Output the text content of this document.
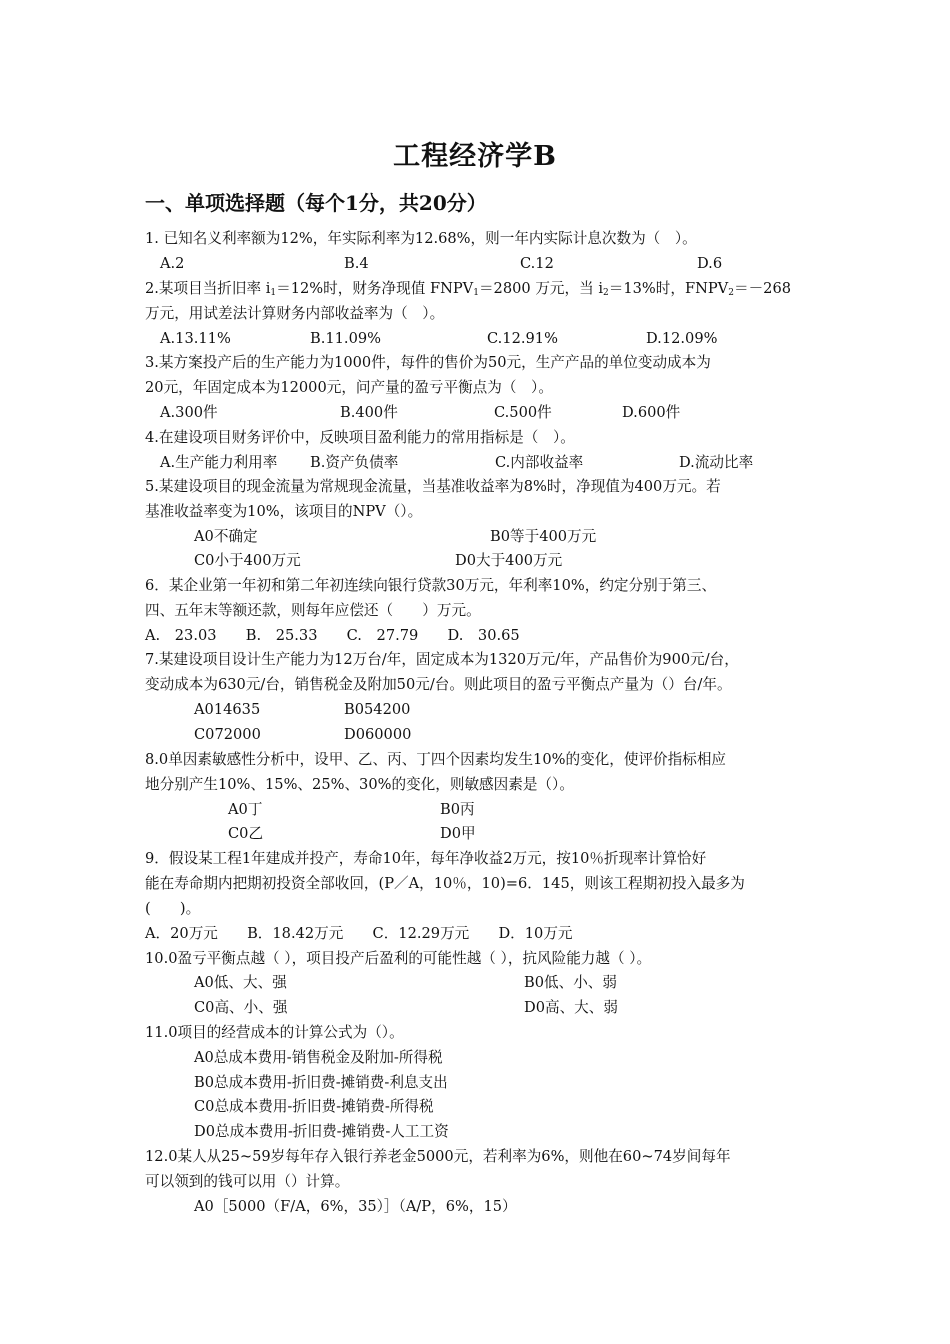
工程经济学B
一、单项选择题（每个1分，共20分）
1. 已知名义利率额为12%，年实际利率为12.68%，则一年内实际计息次数为（　）。
A.2	B.4	C.12	D.6
2.某项目当折旧率 $i_1=12\%$时，财务净现值 $FNPV_1=2800$ 万元，当 $i_2=13\%$时，$FNPV_2=-268$
万元，用试差法计算财务内部收益率为（　）。
A.13.11%	B.11.09%	C.12.91%	D.12.09%
3.某方案投产后的生产能力为1000件，每件的售价为50元，生产产品的单位变动成本为
20元，年固定成本为12000元，问产量的盈亏平衡点为（　）。
A.300件	B.400件	C.500件	D.600件
4.在建设项目财务评价中，反映项目盈利能力的常用指标是（　）。
A.生产能力利用率 B.资产负债率	C.内部收益率	D.流动比率
5.某建设项目的现金流量为常规现金流量，当基准收益率为8%时，净现值为400万元。若
基准收益率变为10%，该项目的NPV（）。
A0不确定	B0等于400万元
C0小于400万元	D0大于400万元
6．某企业第一年初和第二年初连续向银行贷款30万元，年利率10%，约定分别于第三、
四、五年末等额还款，则每年应偿还（　　）万元。
A.　23.03　　B.　25.33　　C.　27.79　　D.　30.65
7.某建设项目设计生产能力为12万台/年，固定成本为1320万元/年，产品售价为900元/台，
变动成本为630元/台，销售税金及附加50元/台。则此项目的盈亏平衡点产量为（）台/年。
A014635	B054200
C072000	D060000
8.0单因素敏感性分析中，设甲、乙、丙、丁四个因素均发生10%的变化，使评价指标相应
地分别产生10%、15%、25%、30%的变化，则敏感因素是（）。
A0丁	B0丙
C0乙	D0甲
9．假设某工程1年建成并投产，寿命10年，每年净收益2万元，按10％折现率计算恰好
能在寿命期内把期初投资全部收回，(P／A，10％，10)=6．145，则该工程期初投入最多为
(　　)。
A．20万元　　B．18.42万元　　C．12.29万元　　D．10万元
10.0盈亏平衡点越（ ），项目投产后盈利的可能性越（ ），抗风险能力越（ ）。
A0低、大、强	B0低、小、弱
C0高、小、强	D0高、大、弱
11.0项目的经营成本的计算公式为（）。
A0总成本费用-销售税金及附加-所得税
B0总成本费用-折旧费-摊销费-利息支出
C0总成本费用-折旧费-摊销费-所得税
D0总成本费用-折旧费-摊销费-人工工资
12.0某人从25~59岁每年存入银行养老金5000元，若利率为6%，则他在60~74岁间每年
可以领到的钱可以用（）计算。
A0［5000（F/A，6%，35）］（A/P，6%，15）
